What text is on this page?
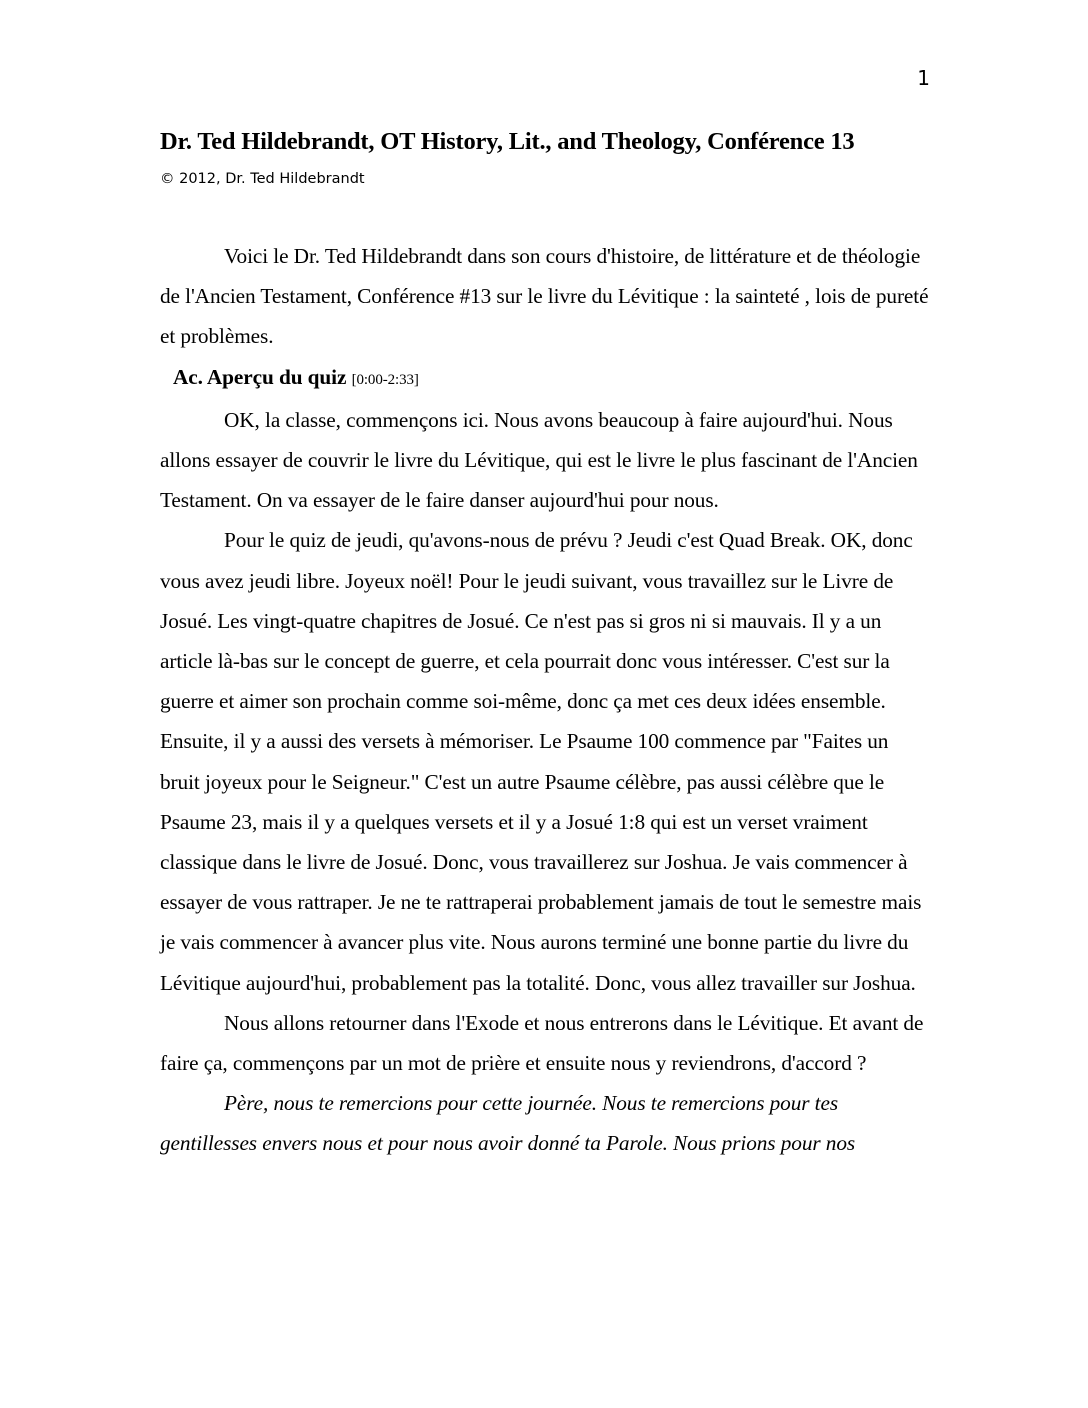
1
Dr. Ted Hildebrandt, OT History, Lit., and Theology, Conférence 13
© 2012, Dr. Ted Hildebrandt

Voici le Dr. Ted Hildebrandt dans son cours d'histoire, de littérature et de théologie de l'Ancien Testament, Conférence #13 sur le livre du Lévitique : la sainteté , lois de pureté et problèmes.

Ac. Aperçu du quiz [0:00-2:33]

OK, la classe, commençons ici. Nous avons beaucoup à faire aujourd'hui. Nous allons essayer de couvrir le livre du Lévitique, qui est le livre le plus fascinant de l'Ancien Testament. On va essayer de le faire danser aujourd'hui pour nous.

Pour le quiz de jeudi, qu'avons-nous de prévu ? Jeudi c'est Quad Break. OK, donc vous avez jeudi libre. Joyeux noël! Pour le jeudi suivant, vous travaillez sur le Livre de Josué. Les vingt-quatre chapitres de Josué. Ce n'est pas si gros ni si mauvais. Il y a un article là-bas sur le concept de guerre, et cela pourrait donc vous intéresser. C'est sur la guerre et aimer son prochain comme soi-même, donc ça met ces deux idées ensemble. Ensuite, il y a aussi des versets à mémoriser. Le Psaume 100 commence par "Faites un bruit joyeux pour le Seigneur." C'est un autre Psaume célèbre, pas aussi célèbre que le Psaume 23, mais il y a quelques versets et il y a Josué 1:8 qui est un verset vraiment classique dans le livre de Josué. Donc, vous travaillerez sur Joshua. Je vais commencer à essayer de vous rattraper. Je ne te rattraperai probablement jamais de tout le semestre mais je vais commencer à avancer plus vite. Nous aurons terminé une bonne partie du livre du Lévitique aujourd'hui, probablement pas la totalité. Donc, vous allez travailler sur Joshua.

Nous allons retourner dans l'Exode et nous entrerons dans le Lévitique. Et avant de faire ça, commençons par un mot de prière et ensuite nous y reviendrons, d'accord ?

Père, nous te remercions pour cette journée. Nous te remercions pour tes gentillesses envers nous et pour nous avoir donné ta Parole. Nous prions pour nos
